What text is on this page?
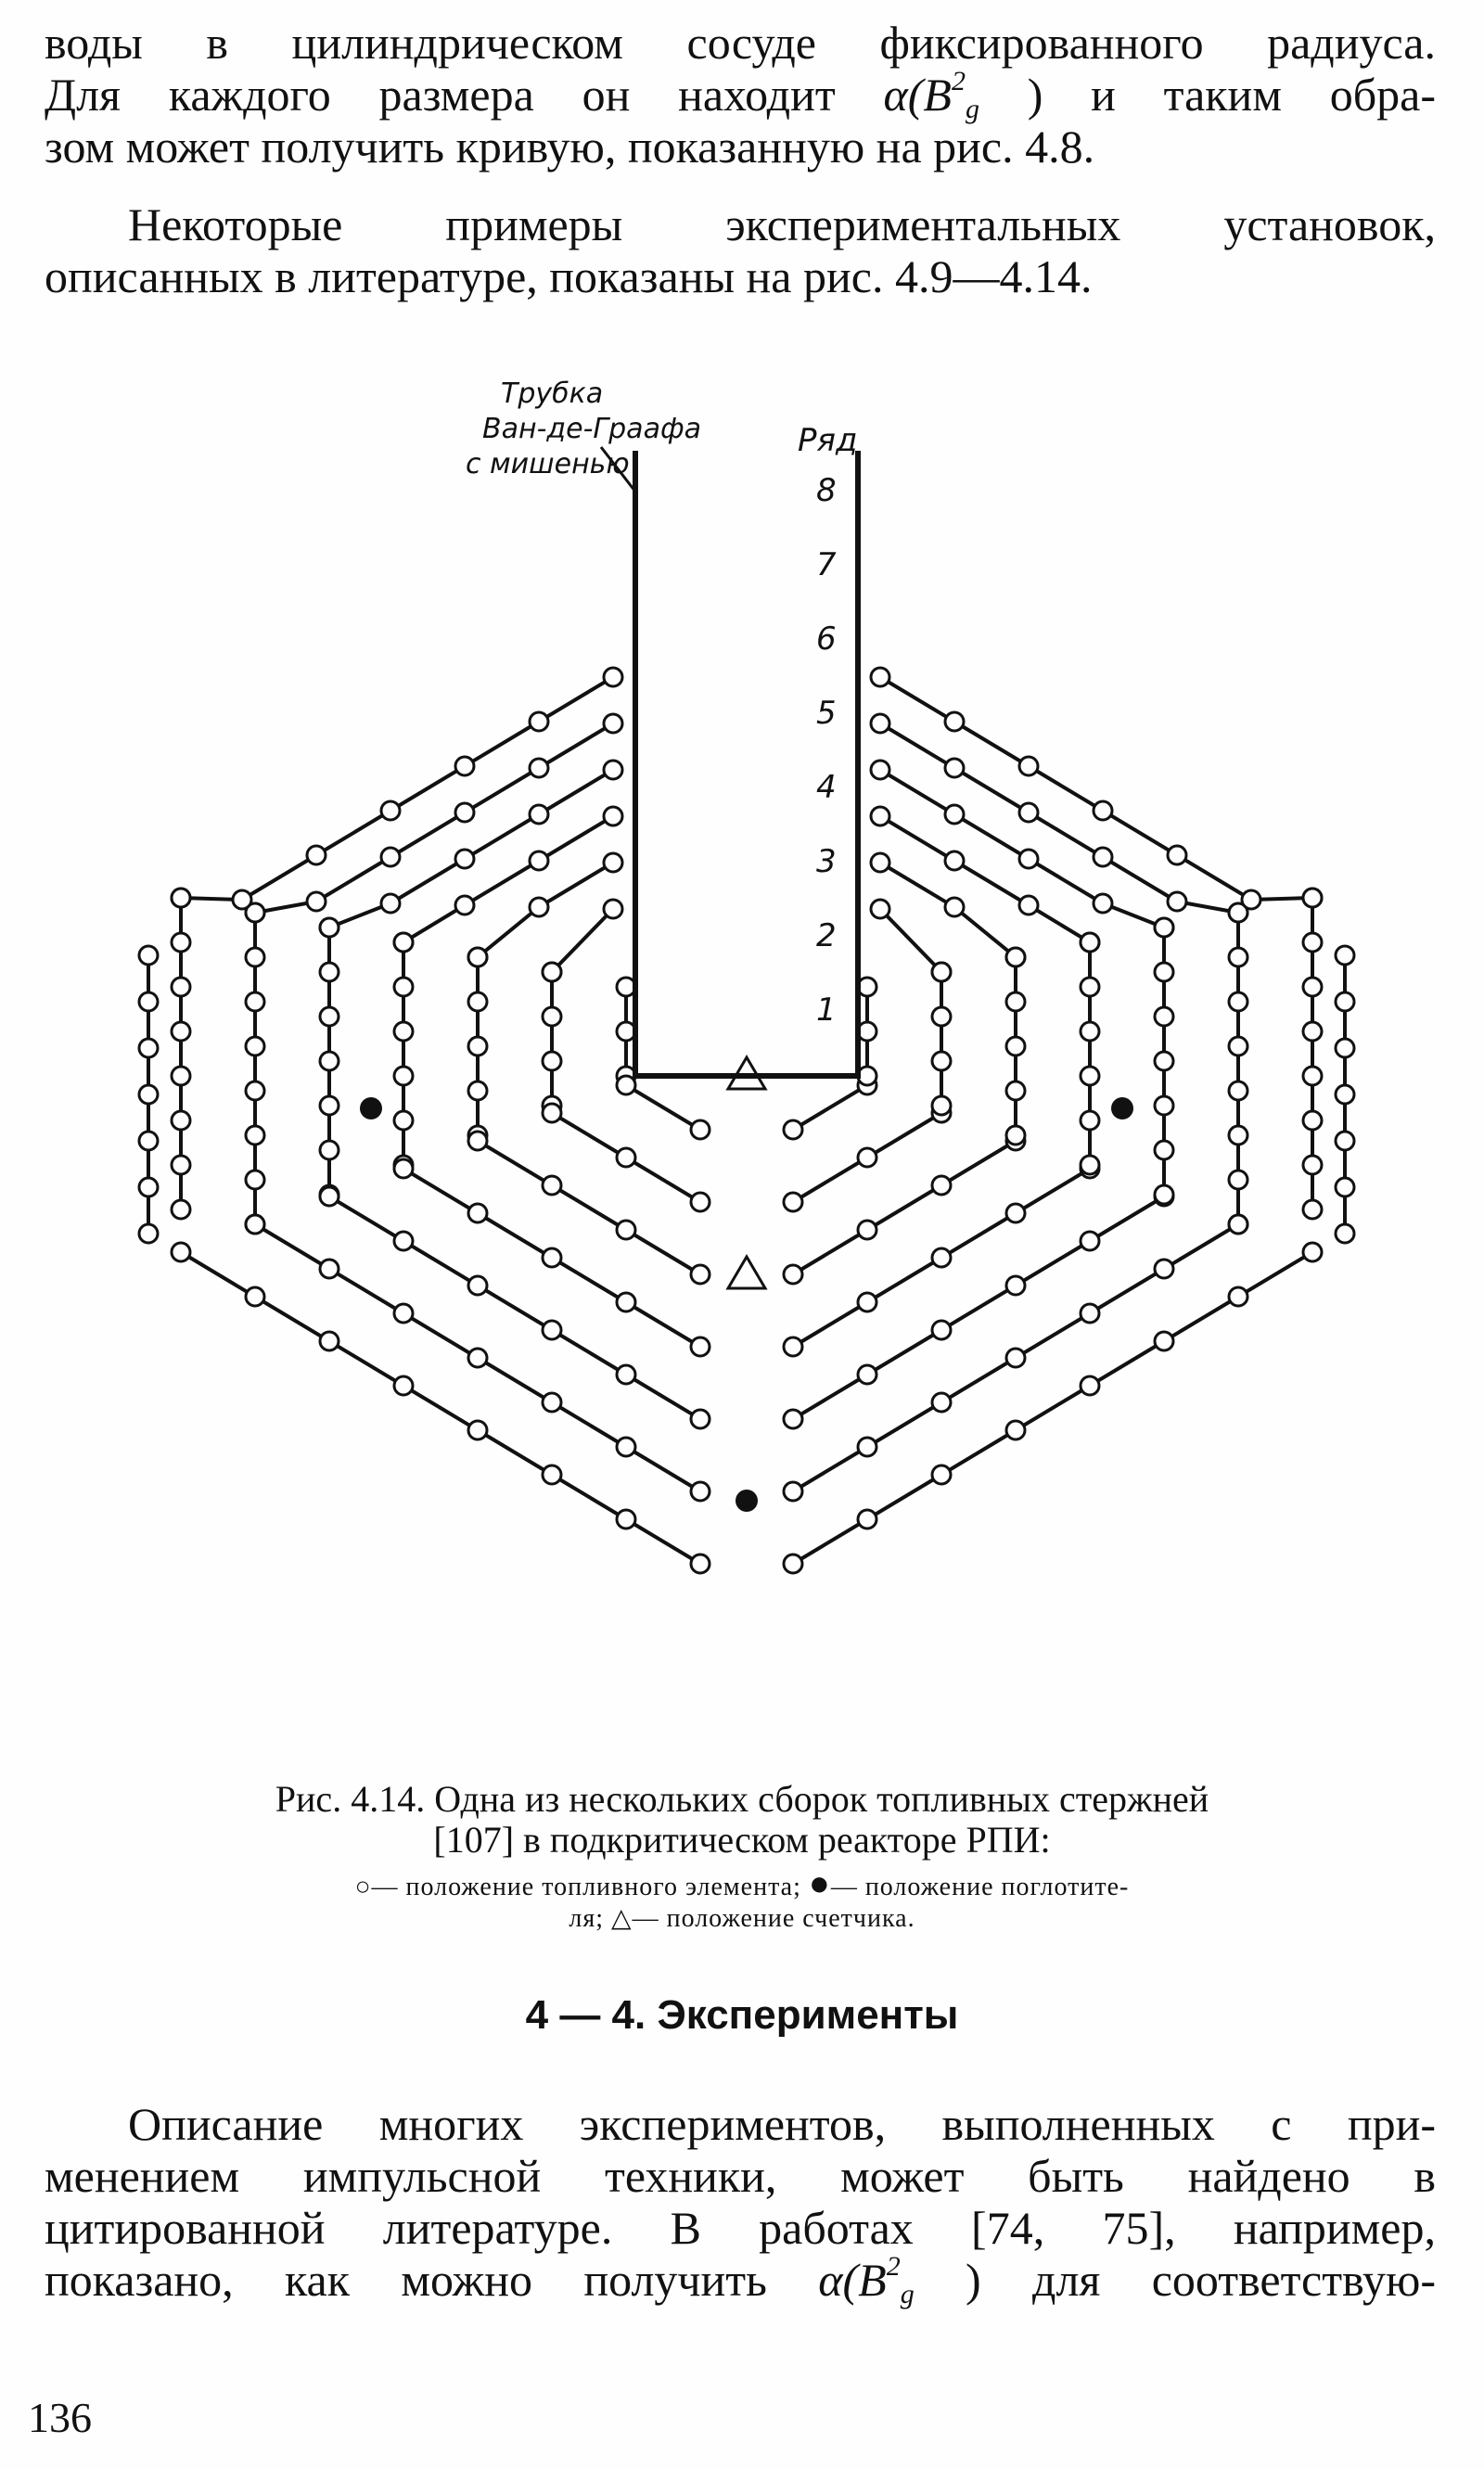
воды в цилиндрическом сосуде фиксированного радиуса.
Для каждого размера он находит $\alpha(B^2_g$ ) и таким обра-
зом может получить кривую, показанную на рис. 4.8.

Некоторые примеры экспериментальных установок,
описанных в литературе, показаны на рис. 4.9—4.14.

Трубка
Ван-де-Граафа
с мишенью
Ряд
8
7
6
5
4
3
2
1

Рис. 4.14. Одна из нескольких сборок топливных стержней
[107] в подкритическом реакторе РПИ:

○— положение топливного элемента; ●— положение поглотите-
ля; △— положение счетчика.

4 — 4. Эксперименты

Описание многих экспериментов, выполненных с при-
менением импульсной техники, может быть найдено в
цитированной литературе. В работах [74, 75], например,
показано, как можно получить $\alpha(B^2_g$ ) для соответствую-

136
